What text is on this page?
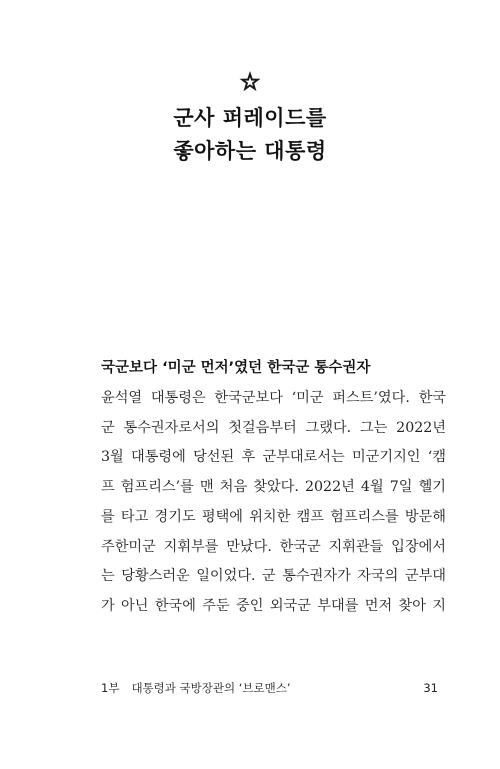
군사 퍼레이드를
좋아하는 대통령
국군보다 ‘미군 먼저’였던 한국군 통수권자
윤석열 대통령은 한국군보다 ‘미군 퍼스트’였다. 한국
군 통수권자로서의 첫걸음부터 그랬다. 그는 2022년
3월 대통령에 당선된 후 군부대로서는 미군기지인 ‘캠
프 험프리스’를 맨 처음 찾았다. 2022년 4월 7일 헬기
를 타고 경기도 평택에 위치한 캠프 험프리스를 방문해
주한미군 지휘부를 만났다. 한국군 지휘관들 입장에서
는 당황스러운 일이었다. 군 통수권자가 자국의 군부대
가 아닌 한국에 주둔 중인 외국군 부대를 먼저 찾아 지
1부 대통령과 국방장관의 ‘브로맨스’	31
